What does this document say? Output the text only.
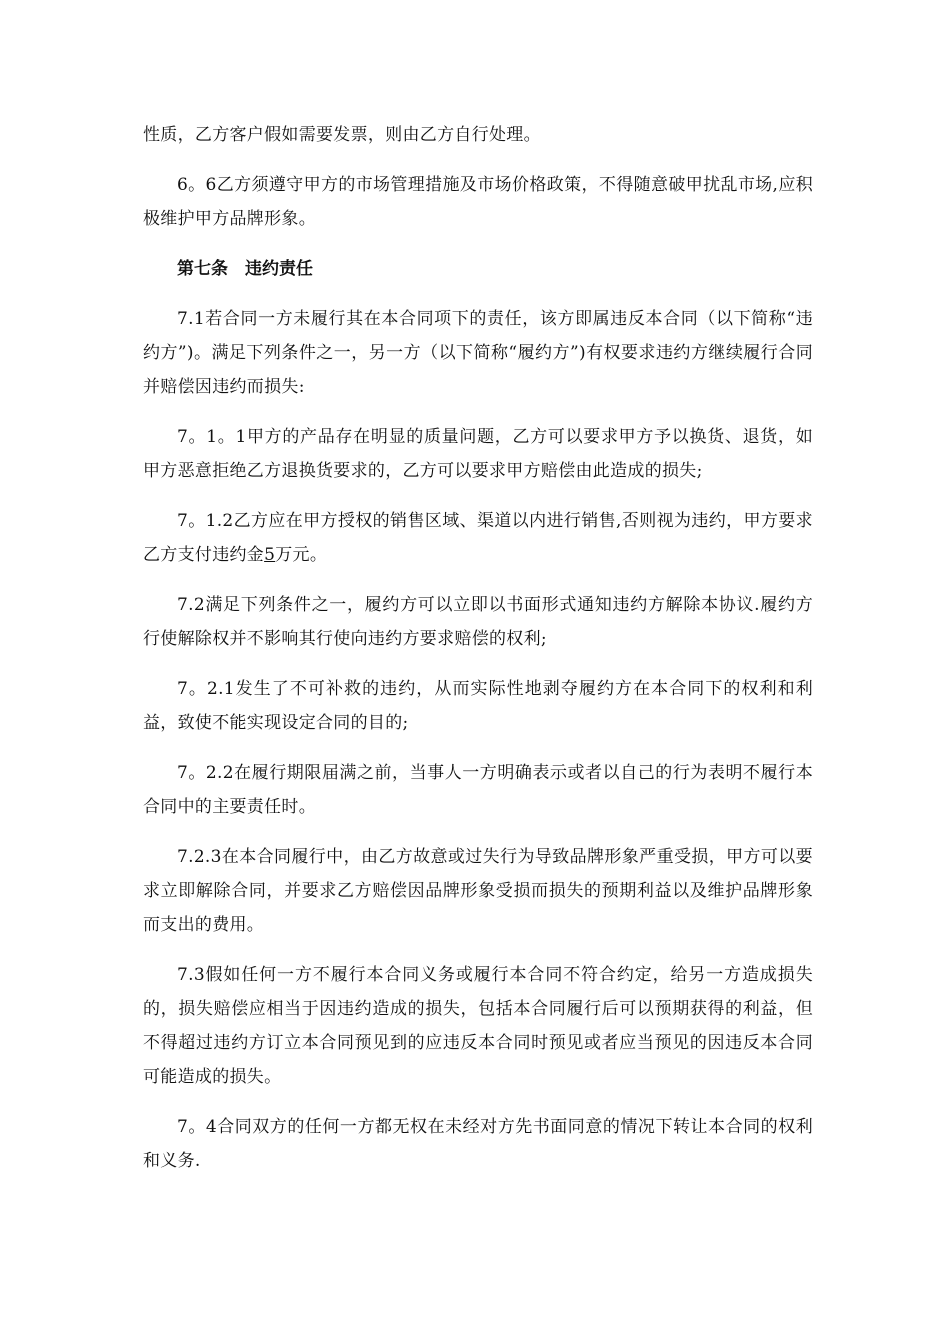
性质，乙方客户假如需要发票，则由乙方自行处理。

6。6乙方须遵守甲方的市场管理措施及市场价格政策，不得随意破甲扰乱市场,应积极维护甲方品牌形象。

第七条　违约责任

7.1若合同一方未履行其在本合同项下的责任，该方即属违反本合同（以下简称“违约方”)。满足下列条件之一，另一方（以下简称“履约方”)有权要求违约方继续履行合同并赔偿因违约而损失:

7。1。1甲方的产品存在明显的质量问题，乙方可以要求甲方予以换货、退货，如甲方恶意拒绝乙方退换货要求的，乙方可以要求甲方赔偿由此造成的损失;

7。1.2乙方应在甲方授权的销售区域、渠道以内进行销售,否则视为违约，甲方要求乙方支付违约金5万元。

7.2满足下列条件之一，履约方可以立即以书面形式通知违约方解除本协议.履约方行使解除权并不影响其行使向违约方要求赔偿的权利;

7。2.1发生了不可补救的违约，从而实际性地剥夺履约方在本合同下的权利和利益，致使不能实现设定合同的目的;

7。2.2在履行期限届满之前，当事人一方明确表示或者以自己的行为表明不履行本合同中的主要责任时。

7.2.3在本合同履行中，由乙方故意或过失行为导致品牌形象严重受损，甲方可以要求立即解除合同，并要求乙方赔偿因品牌形象受损而损失的预期利益以及维护品牌形象而支出的费用。

7.3假如任何一方不履行本合同义务或履行本合同不符合约定，给另一方造成损失的，损失赔偿应相当于因违约造成的损失，包括本合同履行后可以预期获得的利益，但不得超过违约方订立本合同预见到的应违反本合同时预见或者应当预见的因违反本合同可能造成的损失。

7。4合同双方的任何一方都无权在未经对方先书面同意的情况下转让本合同的权利和义务.
